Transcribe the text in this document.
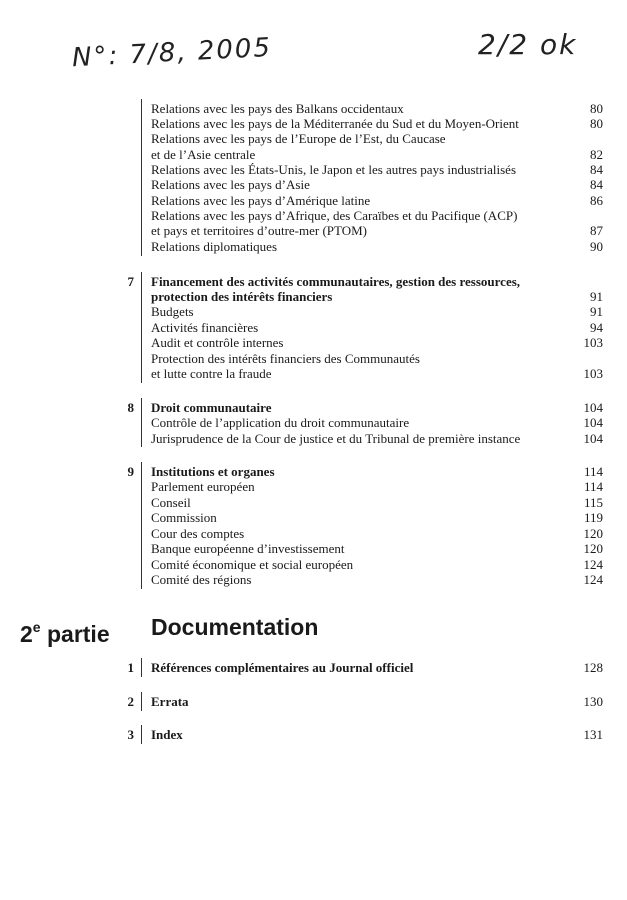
N°: 7/8, 2005	2/2 ok
Relations avec les pays des Balkans occidentaux	80
Relations avec les pays de la Méditerranée du Sud et du Moyen-Orient	80
Relations avec les pays de l’Europe de l’Est, du Caucase
et de l’Asie centrale	82
Relations avec les États-Unis, le Japon et les autres pays industrialisés	84
Relations avec les pays d’Asie	84
Relations avec les pays d’Amérique latine	86
Relations avec les pays d’Afrique, des Caraïbes et du Pacifique (ACP)
et pays et territoires d’outre-mer (PTOM)	87
Relations diplomatiques	90
7 Financement des activités communautaires, gestion des ressources,
protection des intérêts financiers	91
Budgets	91
Activités financières	94
Audit et contrôle internes	103
Protection des intérêts financiers des Communautés
et lutte contre la fraude	103
8 Droit communautaire	104
Contrôle de l’application du droit communautaire	104
Jurisprudence de la Cour de justice et du Tribunal de première instance	104
9 Institutions et organes	114
Parlement européen	114
Conseil	115
Commission	119
Cour des comptes	120
Banque européenne d’investissement	120
Comité économique et social européen	124
Comité des régions	124
2e partie Documentation
1 Références complémentaires au Journal officiel	128
2 Errata	130
3 Index	131
